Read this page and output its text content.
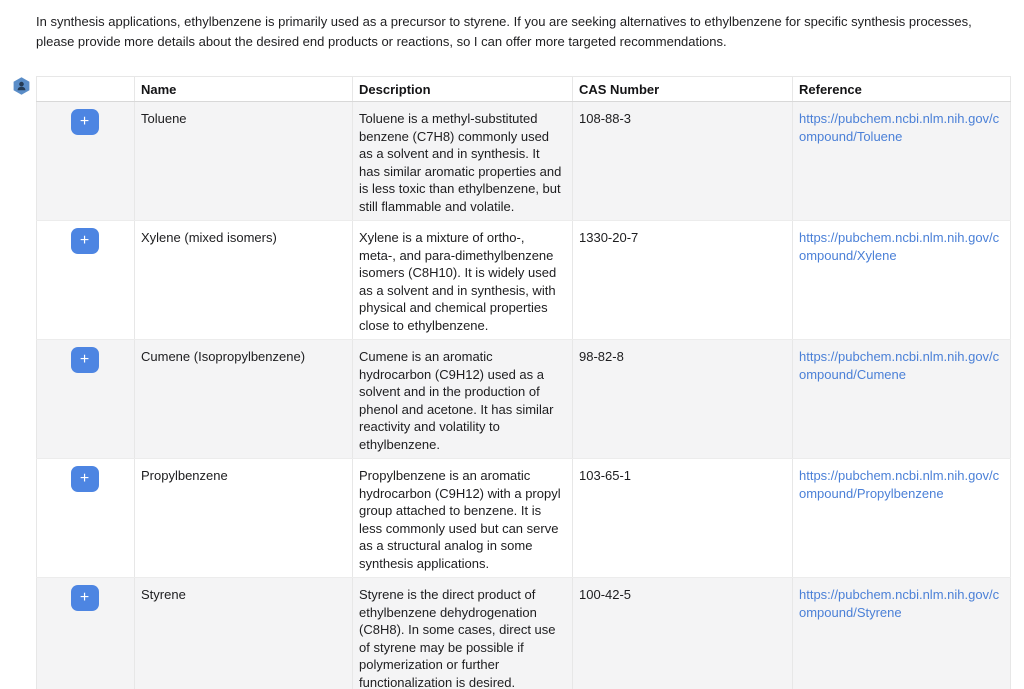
In synthesis applications, ethylbenzene is primarily used as a precursor to styrene. If you are seeking alternatives to ethylbenzene for specific synthesis processes, please provide more details about the desired end products or reactions, so I can offer more targeted recommendations.

	Name	Description	CAS Number	Reference

+	Toluene	Toluene is a methyl-substituted benzene (C7H8) commonly used as a solvent and in synthesis. It has similar aromatic properties and is less toxic than ethylbenzene, but still flammable and volatile.	108-88-3	https://pubchem.ncbi.nlm.nih.gov/compound/Toluene

+	Xylene (mixed isomers)	Xylene is a mixture of ortho-, meta-, and para-dimethylbenzene isomers (C8H10). It is widely used as a solvent and in synthesis, with physical and chemical properties close to ethylbenzene.	1330-20-7	https://pubchem.ncbi.nlm.nih.gov/compound/Xylene

+	Cumene (Isopropylbenzene)	Cumene is an aromatic hydrocarbon (C9H12) used as a solvent and in the production of phenol and acetone. It has similar reactivity and volatility to ethylbenzene.	98-82-8	https://pubchem.ncbi.nlm.nih.gov/compound/Cumene

+	Propylbenzene	Propylbenzene is an aromatic hydrocarbon (C9H12) with a propyl group attached to benzene. It is less commonly used but can serve as a structural analog in some synthesis applications.	103-65-1	https://pubchem.ncbi.nlm.nih.gov/compound/Propylbenzene

+	Styrene	Styrene is the direct product of ethylbenzene dehydrogenation (C8H8). In some cases, direct use of styrene may be possible if polymerization or further functionalization is desired.	100-42-5	https://pubchem.ncbi.nlm.nih.gov/compound/Styrene
